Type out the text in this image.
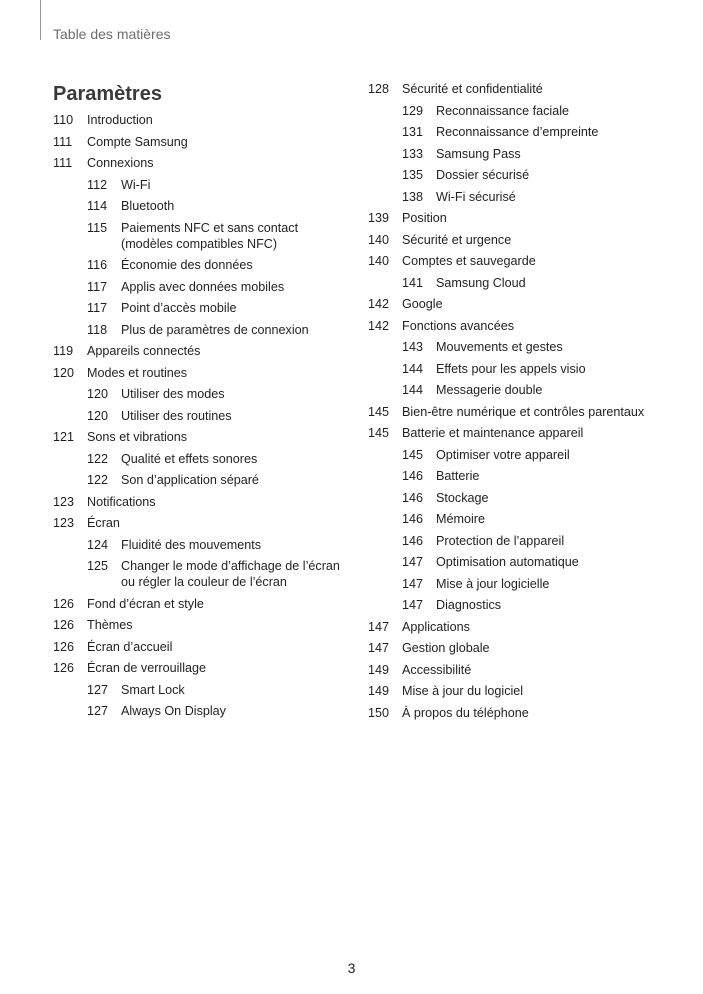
Table des matières
Paramètres
110	Introduction
111	Compte Samsung
111	Connexions
112	Wi-Fi
114	Bluetooth
115	Paiements NFC et sans contact
(modèles compatibles NFC)
116	Économie des données
117	Applis avec données mobiles
117	Point d’accès mobile
118	Plus de paramètres de connexion
119	Appareils connectés
120	Modes et routines
120	Utiliser des modes
120	Utiliser des routines
121	Sons et vibrations
122	Qualité et effets sonores
122	Son d’application séparé
123	Notifications
123	Écran
124	Fluidité des mouvements
125	Changer le mode d’affichage de l’écran
ou régler la couleur de l’écran
126	Fond d’écran et style
126	Thèmes
126	Écran d’accueil
126	Écran de verrouillage
127	Smart Lock
127	Always On Display
128	Sécurité et confidentialité
129	Reconnaissance faciale
131	Reconnaissance d’empreinte
133	Samsung Pass
135	Dossier sécurisé
138	Wi-Fi sécurisé
139	Position
140	Sécurité et urgence
140	Comptes et sauvegarde
141	Samsung Cloud
142	Google
142	Fonctions avancées
143	Mouvements et gestes
144	Effets pour les appels visio
144	Messagerie double
145	Bien-être numérique et contrôles parentaux
145	Batterie et maintenance appareil
145	Optimiser votre appareil
146	Batterie
146	Stockage
146	Mémoire
146	Protection de l’appareil
147	Optimisation automatique
147	Mise à jour logicielle
147	Diagnostics
147	Applications
147	Gestion globale
149	Accessibilité
149	Mise à jour du logiciel
150	À propos du téléphone
3
